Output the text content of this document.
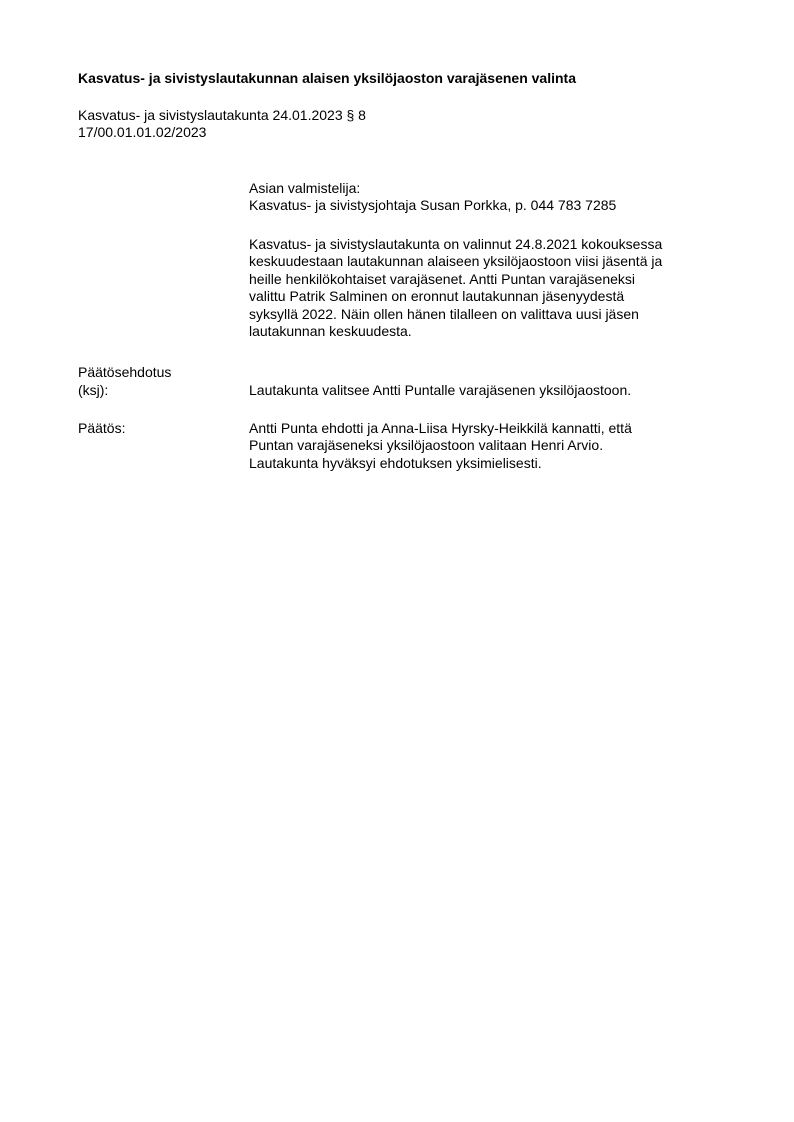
Kasvatus- ja sivistyslautakunnan alaisen yksilöjaoston varajäsenen valinta
Kasvatus- ja sivistyslautakunta 24.01.2023 § 8
17/00.01.01.02/2023
Asian valmistelija:
Kasvatus- ja sivistysjohtaja Susan Porkka, p. 044 783 7285
Kasvatus- ja sivistyslautakunta on valinnut 24.8.2021 kokouksessa
keskuudestaan lautakunnan alaiseen yksilöjaostoon viisi jäsentä ja
heille henkilökohtaiset varajäsenet. Antti Puntan varajäseneksi
valittu Patrik Salminen on eronnut lautakunnan jäsenyydestä
syksyllä 2022. Näin ollen hänen tilalleen on valittava uusi jäsen
lautakunnan keskuudesta.
Päätösehdotus
(ksj):	Lautakunta valitsee Antti Puntalle varajäsenen yksilöjaostoon.
Päätös:	Antti Punta ehdotti ja Anna-Liisa Hyrsky-Heikkilä kannatti, että
Puntan varajäseneksi yksilöjaostoon valitaan Henri Arvio.
Lautakunta hyväksyi ehdotuksen yksimielisesti.
